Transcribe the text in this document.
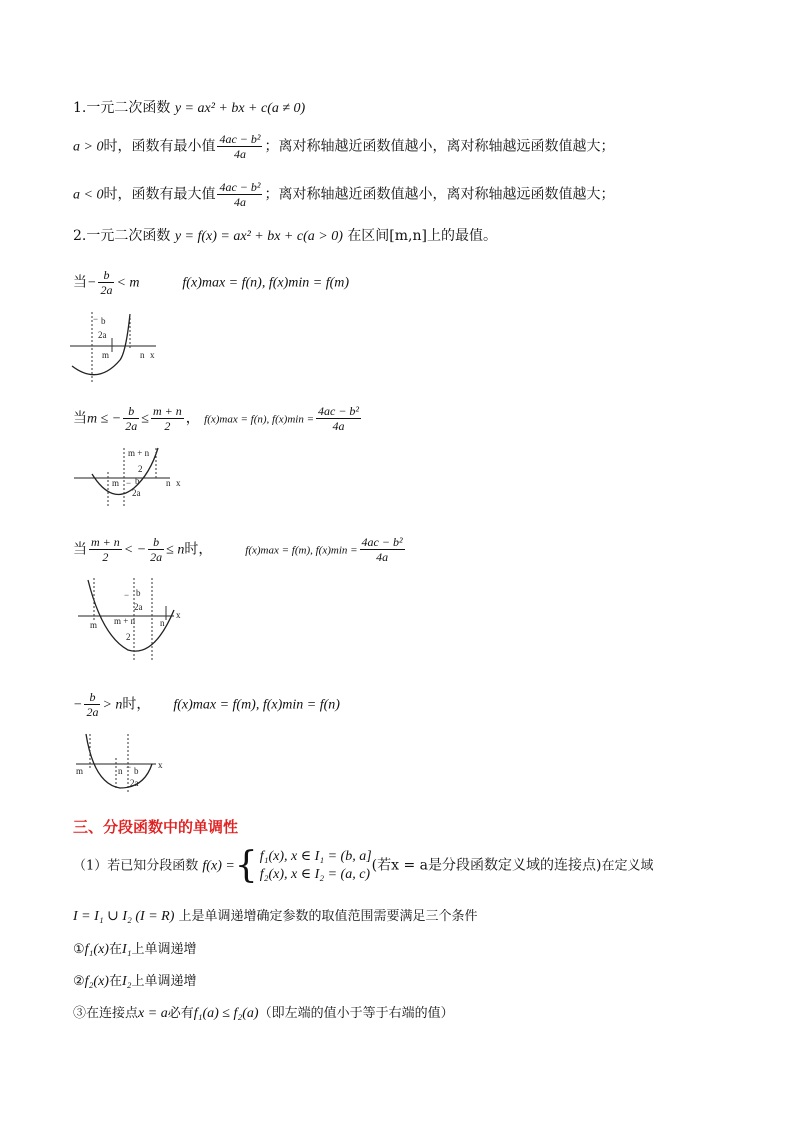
1.一元二次函数 y = ax² + bx + c(a ≠ 0)
a > 0时，函数有最小值 $\frac{\text{4ac − b²}}{4a}$ ；离对称轴越近函数值越小，离对称轴越远函数值越大；
a < 0时，函数有最大值 $\frac{\text{4ac − b²}}{4a}$ ；离对称轴越近函数值越小，离对称轴越远函数值越大；
2.一元二次函数 y = f(x) = ax² + bx + c(a > 0) 在区间[m,n]上的最值。
当− $\frac{b}{2a} < m$	f(x)max = f(n), f(x)min = f(m)
− b
2a
m	n x
当m ≤ − $\frac{b}{2a} \le \frac{m + n}{2}$ ， f(x)max = f(n), $f(x)\min = \frac{\text{4ac − b²}}{4a}$
m + n
2
m − b
2a
n x
当 $\frac{m + n}{2}$ < − $\frac{b}{2a} \le n$时，	f(x)max = f(m), $f(x)\min = \frac{\text{4ac − b²}}{4a}$
− b
2a
m m + n
2
n
x
− $\frac{b}{2a} > n$时， f(x)max = f(m), f(x)min = f(n)
m	n − b
2a
x
三、分段函数中的单调性
（1）若已知分段函数 f(x) ={ f₁(x), x ∈ I₁ = (b, a]
f₂(x), x ∈ I₂ = (a, c)
(若x = a是分段函数定义域的连接点)在定义域
I = I₁ ∪ I₂ (I = R) 上是单调递增确定参数的取值范围需要满足三个条件
①f₁(x)在I₁上单调递增
②f₂(x)在I₂上单调递增
③在连接点x = a必有f₁(a) ≤ f₂(a)（即左端的值小于等于右端的值）
